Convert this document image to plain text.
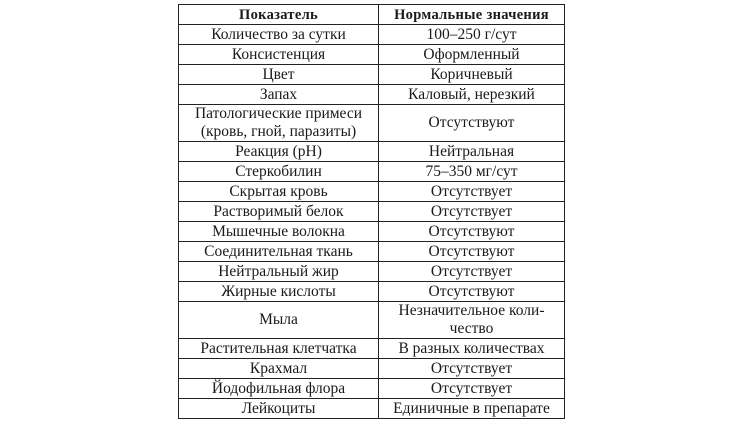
Показатель	Нормальные значения
Количество за сутки	100–250 г/сут
Консистенция	Оформленный
Цвет	Коричневый
Запах	Каловый, нерезкий
Патологические примеси (кровь, гной, паразиты)	Отсутствуют
Реакция (pH)	Нейтральная
Стеркобилин	75–350 мг/сут
Скрытая кровь	Отсутствует
Растворимый белок	Отсутствует
Мышечные волокна	Отсутствуют
Соединительная ткань	Отсутствуют
Нейтральный жир	Отсутствует
Жирные кислоты	Отсутствуют
Мыла	Незначительное количество
Растительная клетчатка	В разных количествах
Крахмал	Отсутствует
Йодофильная флора	Отсутствует
Лейкоциты	Единичные в препарате
